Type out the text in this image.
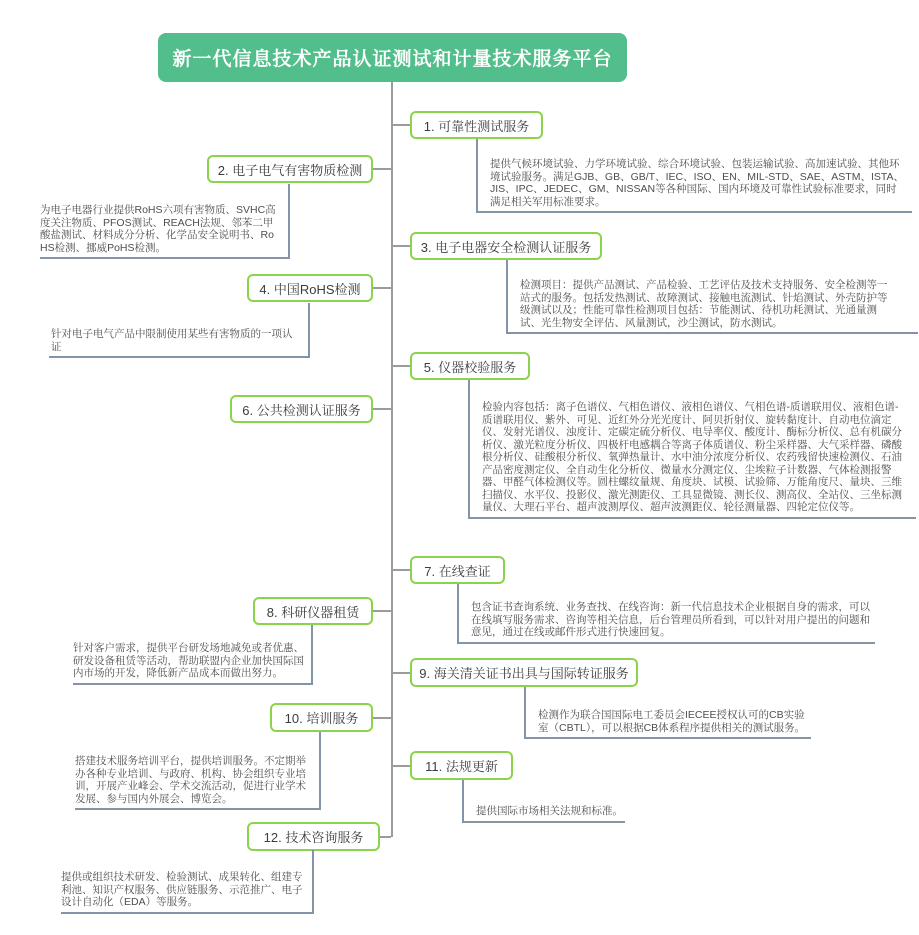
新一代信息技术产品认证测试和计量技术服务平台
1. 可靠性测试服务
2. 电子电气有害物质检测
3. 电子电器安全检测认证服务
4. 中国RoHS检测
5. 仪器校验服务
6. 公共检测认证服务
7. 在线查证
8. 科研仪器租赁
9. 海关清关证书出具与国际转证服务
10. 培训服务
11. 法规更新
12. 技术咨询服务
提供气候环境试验、力学环境试验、综合环境试验、包装运输试验、高加速试验、其他环境试验服务。满足GJB、GB、GB/T、IEC、ISO、EN、MIL-STD、SAE、ASTM、ISTA、JIS、IPC、JEDEC、GM、NISSAN等各种国际、国内环境及可靠性试验标准要求，同时满足相关军用标准要求。
检测项目：提供产品测试、产品检验、工艺评估及技术支持服务、安全检测等一站式的服务。包括发热测试、故障测试、接触电流测试、针焰测试、外壳防护等级测试以及；性能可靠性检测项目包括：节能测试、待机功耗测试、光通量测试、光生物安全评估、风量测试，沙尘测试，防水测试。
检验内容包括：离子色谱仪、气相色谱仪、液相色谱仪、气相色谱-质谱联用仪、液相色谱-质谱联用仪、紫外、可见、近红外分光光度计、阿贝折射仪、旋转黏度计、自动电位滴定仪、发射光谱仪、浊度计、定碳定硫分析仪、电导率仪、酸度计、酶标分析仪、总有机碳分析仪、激光粒度分析仪、四极杆电感耦合等离子体质谱仪、粉尘采样器、大气采样器、磷酸根分析仪、硅酸根分析仪、氧弹热量计、水中油分浓度分析仪、农药残留快速检测仪、石油产品密度测定仪、全自动生化分析仪、微量水分测定仪、尘埃粒子计数器、气体检测报警器、甲醛气体检测仪等。圆柱螺纹量规、角度块、试模、试验筛、万能角度尺、量块、三维扫描仪、水平仪、投影仪、激光测距仪、工具显微镜、测长仪、测高仪、全站仪、三坐标测量仪、大理石平台、超声波测厚仪、超声波测距仪、轮径测量器、四轮定位仪等。
包含证书查询系统、业务查找、在线咨询：新一代信息技术企业根据自身的需求，可以在线填写服务需求、咨询等相关信息，后台管理员所看到，可以针对用户提出的问题和意见，通过在线或邮件形式进行快速回复。
检测作为联合国国际电工委员会IECEE授权认可的CB实验室（CBTL），可以根据CB体系程序提供相关的测试服务。
提供国际市场相关法规和标准。
为电子电器行业提供RoHS六项有害物质、SVHC高度关注物质、PFOS测试、REACH法规、邻苯二甲酸盐测试、材料成分分析、化学品安全说明书、RoHS检测、挪威PoHS检测。
针对电子电气产品中限制使用某些有害物质的一项认证
针对客户需求，提供平台研发场地减免或者优惠、研发设备租赁等活动，帮助联盟内企业加快国际国内市场的开发，降低新产品成本而做出努力。
搭建技术服务培训平台，提供培训服务。不定期举办各种专业培训、与政府、机构、协会组织专业培训，开展产业峰会、学术交流活动，促进行业学术发展、参与国内外展会、博览会。
提供或组织技术研发、检验测试、成果转化、组建专利池、知识产权服务、供应链服务、示范推广、电子设计自动化（EDA）等服务。
